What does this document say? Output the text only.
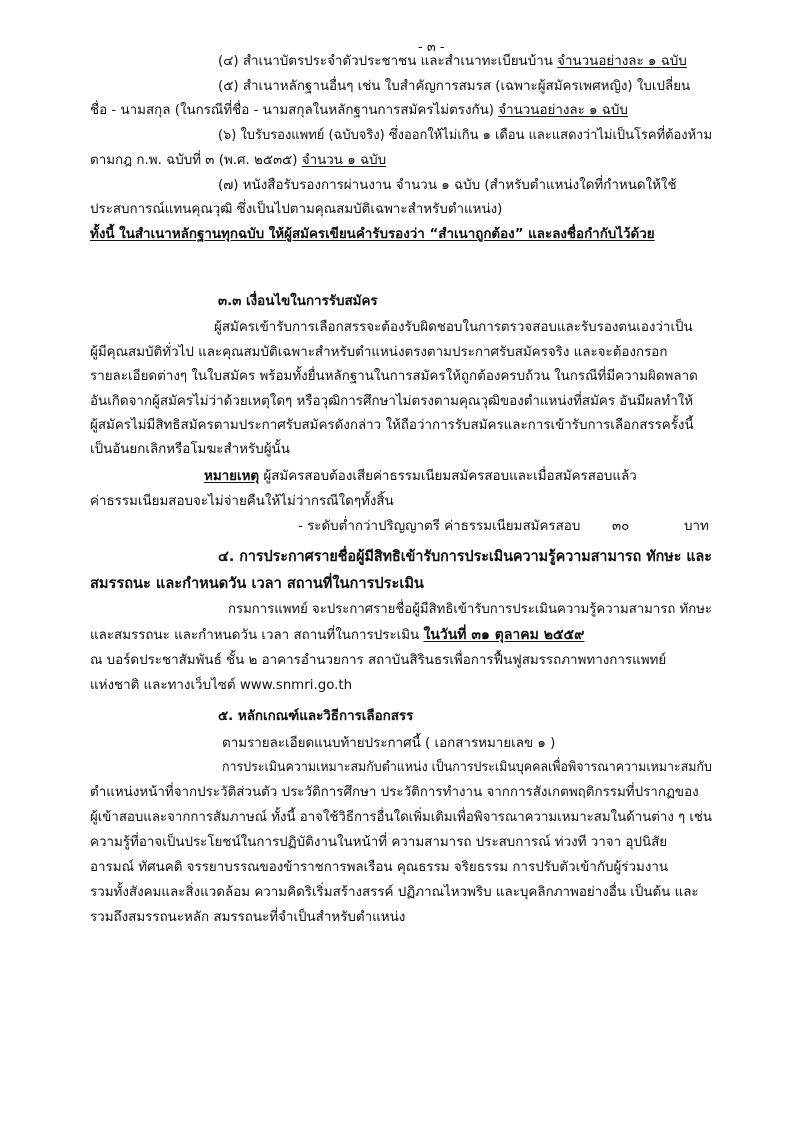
- ๓ -
(๔) สำเนาบัตรประจำตัวประชาชน และสำเนาทะเบียนบ้าน จำนวนอย่างละ ๑ ฉบับ
(๕) สำเนาหลักฐานอื่นๆ เช่น ใบสำคัญการสมรส (เฉพาะผู้สมัครเพศหญิง) ใบเปลี่ยน
ชื่อ - นามสกุล (ในกรณีที่ชื่อ - นามสกุลในหลักฐานการสมัครไม่ตรงกัน) จำนวนอย่างละ ๑ ฉบับ
(๖) ใบรับรองแพทย์ (ฉบับจริง) ซึ่งออกให้ไม่เกิน ๑ เดือน และแสดงว่าไม่เป็นโรคที่ต้องห้าม
ตามกฎ ก.พ. ฉบับที่ ๓ (พ.ศ. ๒๕๓๕) จำนวน ๑ ฉบับ
(๗) หนังสือรับรองการผ่านงาน จำนวน ๑ ฉบับ (สำหรับตำแหน่งใดที่กำหนดให้ใช้
ประสบการณ์แทนคุณวุฒิ ซึ่งเป็นไปตามคุณสมบัติเฉพาะสำหรับตำแหน่ง)
ทั้งนี้ ในสำเนาหลักฐานทุกฉบับ ให้ผู้สมัครเขียนคำรับรองว่า “สำเนาถูกต้อง” และลงชื่อกำกับไว้ด้วย
๓.๓ เงื่อนไขในการรับสมัคร
ผู้สมัครเข้ารับการเลือกสรรจะต้องรับผิดชอบในการตรวจสอบและรับรองตนเองว่าเป็น
ผู้มีคุณสมบัติทั่วไป และคุณสมบัติเฉพาะสำหรับตำแหน่งตรงตามประกาศรับสมัครจริง และจะต้องกรอก
รายละเอียดต่างๆ ในใบสมัคร พร้อมทั้งยื่นหลักฐานในการสมัครให้ถูกต้องครบถ้วน ในกรณีที่มีความผิดพลาด
อันเกิดจากผู้สมัครไม่ว่าด้วยเหตุใดๆ หรือวุฒิการศึกษาไม่ตรงตามคุณวุฒิของตำแหน่งที่สมัคร อันมีผลทำให้
ผู้สมัครไม่มีสิทธิสมัครตามประกาศรับสมัครดังกล่าว ให้ถือว่าการรับสมัครและการเข้ารับการเลือกสรรครั้งนี้
เป็นอันยกเลิกหรือโมฆะสำหรับผู้นั้น
หมายเหตุ ผู้สมัครสอบต้องเสียค่าธรรมเนียมสมัครสอบและเมื่อสมัครสอบแล้ว
ค่าธรรมเนียมสอบจะไม่จ่ายคืนให้ไม่ว่ากรณีใดๆทั้งสิ้น
- ระดับต่ำกว่าปริญญาตรี ค่าธรรมเนียมสมัครสอบ ๓๐	บาท
๔. การประกาศรายชื่อผู้มีสิทธิเข้ารับการประเมินความรู้ความสามารถ ทักษะ และ
สมรรถนะ และกำหนดวัน เวลา สถานที่ในการประเมิน
กรมการแพทย์ จะประกาศรายชื่อผู้มีสิทธิเข้ารับการประเมินความรู้ความสามารถ ทักษะ
และสมรรถนะ และกำหนดวัน เวลา สถานที่ในการประเมิน ในวันที่ ๓๑ ตุลาคม ๒๕๕๙
ณ บอร์ดประชาสัมพันธ์ ชั้น ๒ อาคารอำนวยการ สถาบันสิรินธรเพื่อการฟื้นฟูสมรรถภาพทางการแพทย์
แห่งชาติ และทางเว็บไซต์ www.snmri.go.th
๕. หลักเกณฑ์และวิธีการเลือกสรร
ตามรายละเอียดแนบท้ายประกาศนี้ ( เอกสารหมายเลข ๑ )
การประเมินความเหมาะสมกับตำแหน่ง เป็นการประเมินบุคคลเพื่อพิจารณาความเหมาะสมกับ
ตำแหน่งหน้าที่จากประวัติส่วนตัว ประวัติการศึกษา ประวัติการทำงาน จากการสังเกตพฤติกรรมที่ปรากฏของ
ผู้เข้าสอบและจากการสัมภาษณ์ ทั้งนี้ อาจใช้วิธีการอื่นใดเพิ่มเติมเพื่อพิจารณาความเหมาะสมในด้านต่าง ๆ เช่น
ความรู้ที่อาจเป็นประโยชน์ในการปฏิบัติงานในหน้าที่ ความสามารถ ประสบการณ์ ท่วงที วาจา อุปนิสัย
อารมณ์ ทัศนคติ จรรยาบรรณของข้าราชการพลเรือน คุณธรรม จริยธรรม การปรับตัวเข้ากับผู้ร่วมงาน
รวมทั้งสังคมและสิ่งแวดล้อม ความคิดริเริ่มสร้างสรรค์ ปฏิภาณไหวพริบ และบุคลิกภาพอย่างอื่น เป็นต้น และ
รวมถึงสมรรถนะหลัก สมรรถนะที่จำเป็นสำหรับตำแหน่ง
